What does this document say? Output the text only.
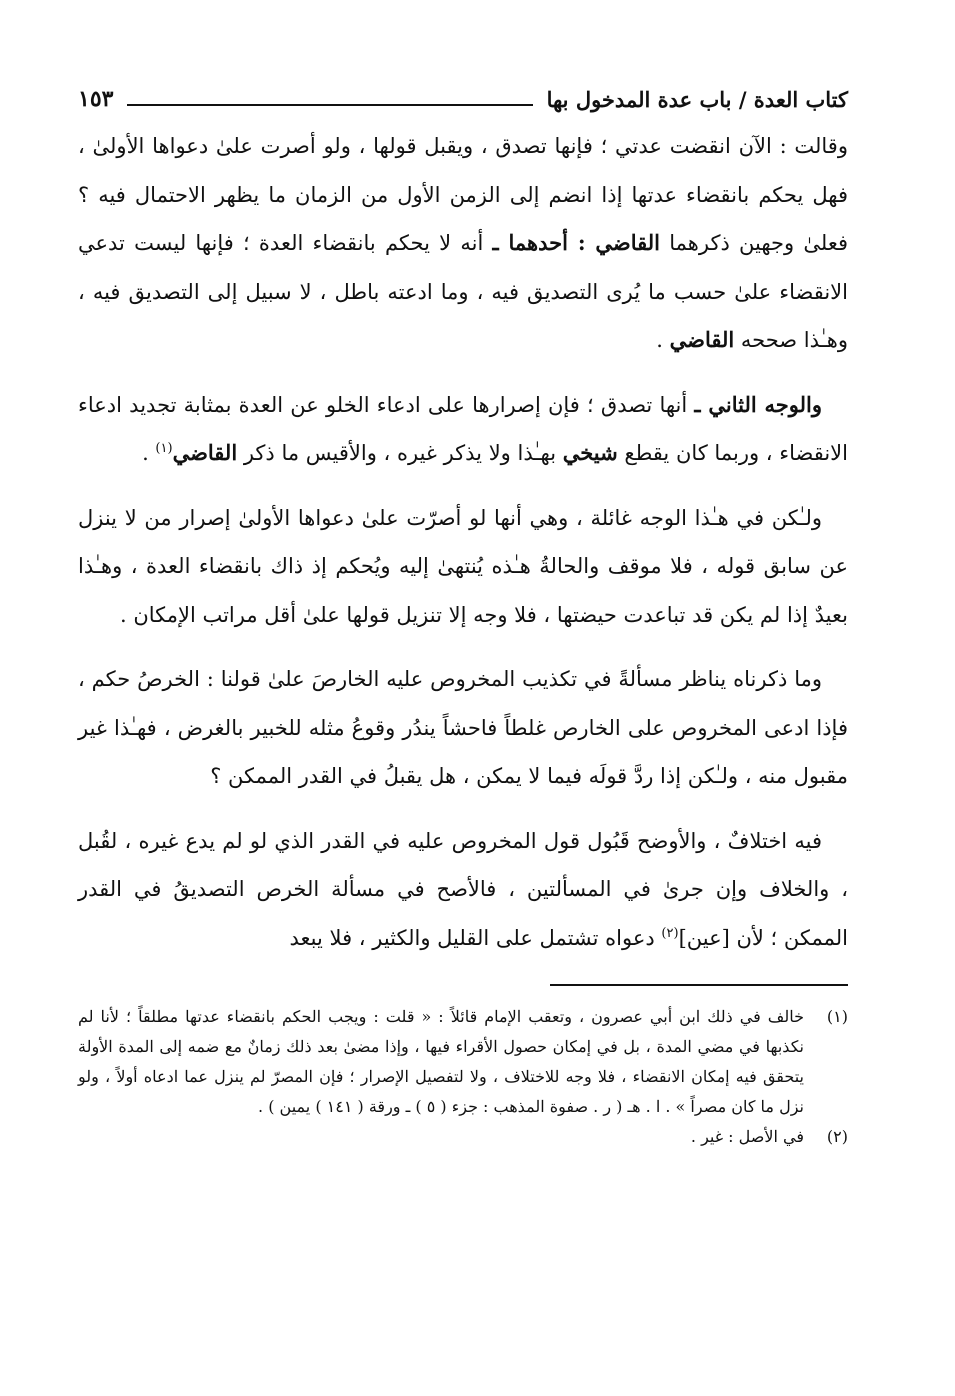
كتاب العدة / باب عدة المدخول بها
١٥٣

وقالت : الآن انقضت عدتي ؛ فإنها تصدق ، ويقبل قولها ، ولو أصرت علىٰ دعواها الأولىٰ ، فهل يحكم بانقضاء عدتها إذا انضم إلى الزمن الأول من الزمان ما يظهر الاحتمال فيه ؟ فعلىٰ وجهين ذكرهما القاضي : أحدهما ـ أنه لا يحكم بانقضاء العدة ؛ فإنها ليست تدعي الانقضاء علىٰ حسب ما يُرى التصديق فيه ، وما ادعته باطل ، لا سبيل إلى التصديق فيه ، وهـٰذا صححه القاضي .

والوجه الثاني ـ أنها تصدق ؛ فإن إصرارها على ادعاء الخلو عن العدة بمثابة تجديد ادعاء الانقضاء ، وربما كان يقطع شيخي بهـٰذا ولا يذكر غيره ، والأقيس ما ذكر القاضي$^{(١)}$ .

ولـٰكن في هـٰذا الوجه غائلة ، وهي أنها لو أصرّت علىٰ دعواها الأولىٰ إصرار من لا ينزل عن سابق قوله ، فلا موقف والحالةُ هـٰذه يُنتهىٰ إليه ويُحكم إذ ذاك بانقضاء العدة ، وهـٰذا بعيدٌ إذا لم يكن قد تباعدت حيضتها ، فلا وجه إلا تنزيل قولها علىٰ أقل مراتب الإمكان .

وما ذكرناه يناظر مسألةً في تكذيب المخروص عليه الخارصَ علىٰ قولنا : الخرصُ حكم ، فإذا ادعى المخروص على الخارص غلطاً فاحشاً يندُر وقوعُ مثله للخبير بالغرض ، فهـٰذا غير مقبول منه ، ولـٰكن إذا ردَّ قولَه فيما لا يمكن ، هل يقبلُ في القدر الممكن ؟

فيه اختلافٌ ، والأوضح قَبُول قول المخروص عليه في القدر الذي لو لم يدع غيره ، لقُبل ، والخلاف وإن جرىٰ في المسألتين ، فالأصح في مسألة الخرص التصديقُ في القدر الممكن ؛ لأن [عين]$^{(٢)}$ دعواه تشتمل على القليل والكثير ، فلا يبعد

(١)
خالف في ذلك ابن أبي عصرون ، وتعقب الإمام قائلاً : « قلت : ويجب الحكم بانقضاء عدتها مطلقاً ؛ لأنا لم نكذبها في مضي المدة ، بل في إمكان حصول الأقراء فيها ، وإذا مضىٰ بعد ذلك زمانٌ مع ضمه إلى المدة الأولة يتحقق فيه إمكان الانقضاء ، فلا وجه للاختلاف ، ولا لتفصيل الإصرار ؛ فإن المصرّ لم ينزل عما ادعاه أولاً ، ولو نزل ما كان مصراً » . ا . هـ ( ر . صفوة المذهب : جزء ( ٥ ) ـ ورقة ( ١٤١ ) يمين ) .
(٢)
في الأصل : غير .
